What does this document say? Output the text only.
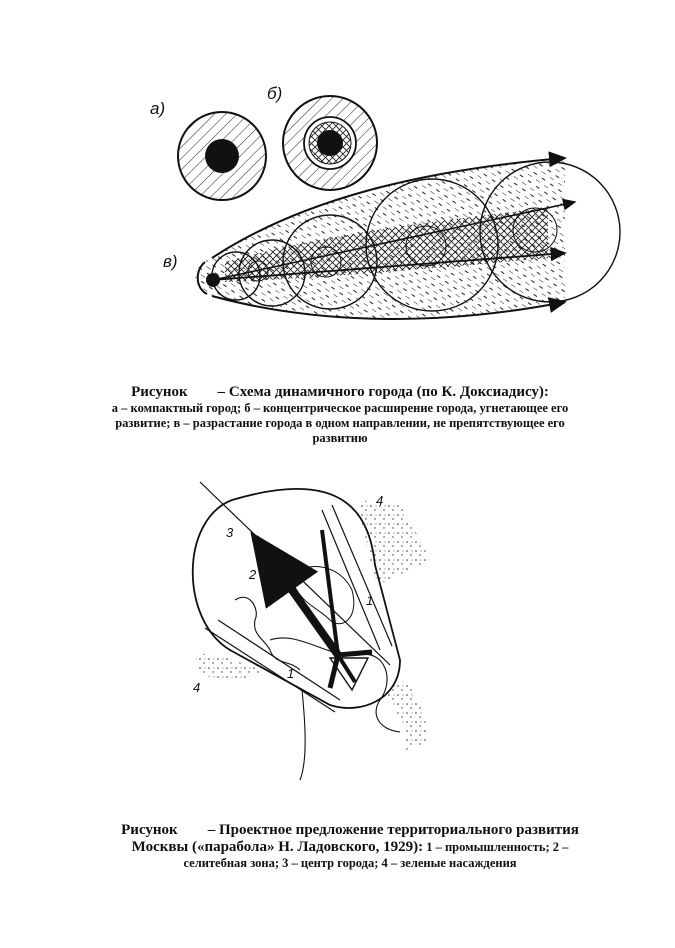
а)
б)
в)
Рисунок – Схема динамичного города (по К. Доксиадису):
а – компактный город; б – концентрическое расширение города, угнетающее его
развитие; в – разрастание города в одном направлении, не препятствующее его
развитию
3
2
1
1
4
4
Рисунок – Проектное предложение территориального развития
Москвы («парабола» Н. Ладовского, 1929): 1 – промышленность; 2 –
селитебная зона; 3 – центр города; 4 – зеленые насаждения
